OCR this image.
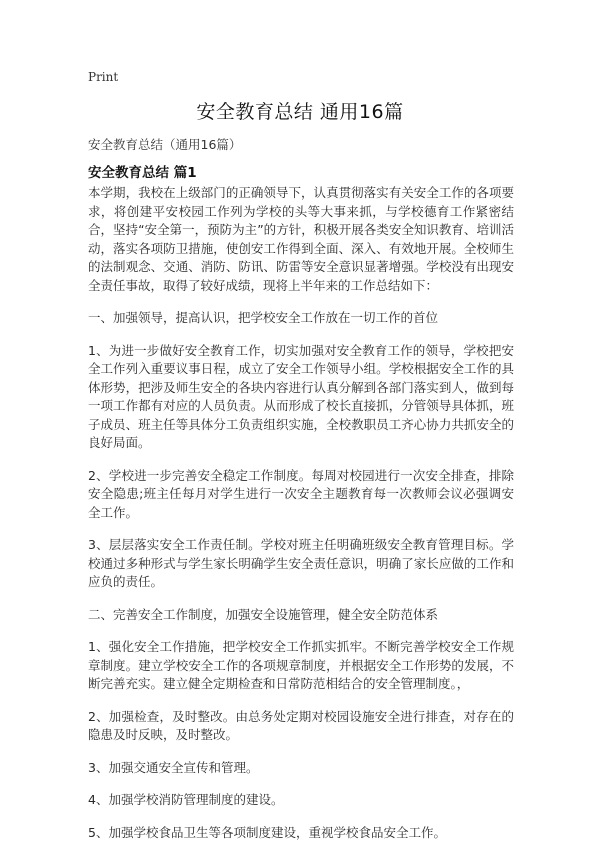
Print
安全教育总结 通用16篇
安全教育总结（通用16篇）
安全教育总结 篇1

本学期，我校在上级部门的正确领导下，认真贯彻落实有关安全工作的各项要求，将创建平安校园工作列为学校的头等大事来抓，与学校德育工作紧密结合，坚持“安全第一，预防为主”的方针，积极开展各类安全知识教育、培训活动，落实各项防卫措施，使创安工作得到全面、深入、有效地开展。全校师生的法制观念、交通、消防、防讯、防雷等安全意识显著增强。学校没有出现安全责任事故，取得了较好成绩，现将上半年来的工作总结如下：

一、加强领导，提高认识，把学校安全工作放在一切工作的首位

1、为进一步做好安全教育工作，切实加强对安全教育工作的领导，学校把安全工作列入重要议事日程，成立了安全工作领导小组。学校根据安全工作的具体形势，把涉及师生安全的各块内容进行认真分解到各部门落实到人，做到每一项工作都有对应的人员负责。从而形成了校长直接抓，分管领导具体抓，班子成员、班主任等具体分工负责组织实施，全校教职员工齐心协力共抓安全的良好局面。

2、学校进一步完善安全稳定工作制度。每周对校园进行一次安全排查，排除安全隐患;班主任每月对学生进行一次安全主题教育每一次教师会议必强调安全工作。

3、层层落实安全工作责任制。学校对班主任明确班级安全教育管理目标。学校通过多种形式与学生家长明确学生安全责任意识，明确了家长应做的工作和应负的责任。

二、完善安全工作制度，加强安全设施管理，健全安全防范体系

1、强化安全工作措施，把学校安全工作抓实抓牢。不断完善学校安全工作规章制度。建立学校安全工作的各项规章制度，并根据安全工作形势的发展，不断完善充实。建立健全定期检查和日常防范相结合的安全管理制度。，

2、加强检查，及时整改。由总务处定期对校园设施安全进行排查，对存在的隐患及时反映，及时整改。

3、加强交通安全宣传和管理。

4、加强学校消防管理制度的建设。

5、加强学校食品卫生等各项制度建设，重视学校食品安全工作。
